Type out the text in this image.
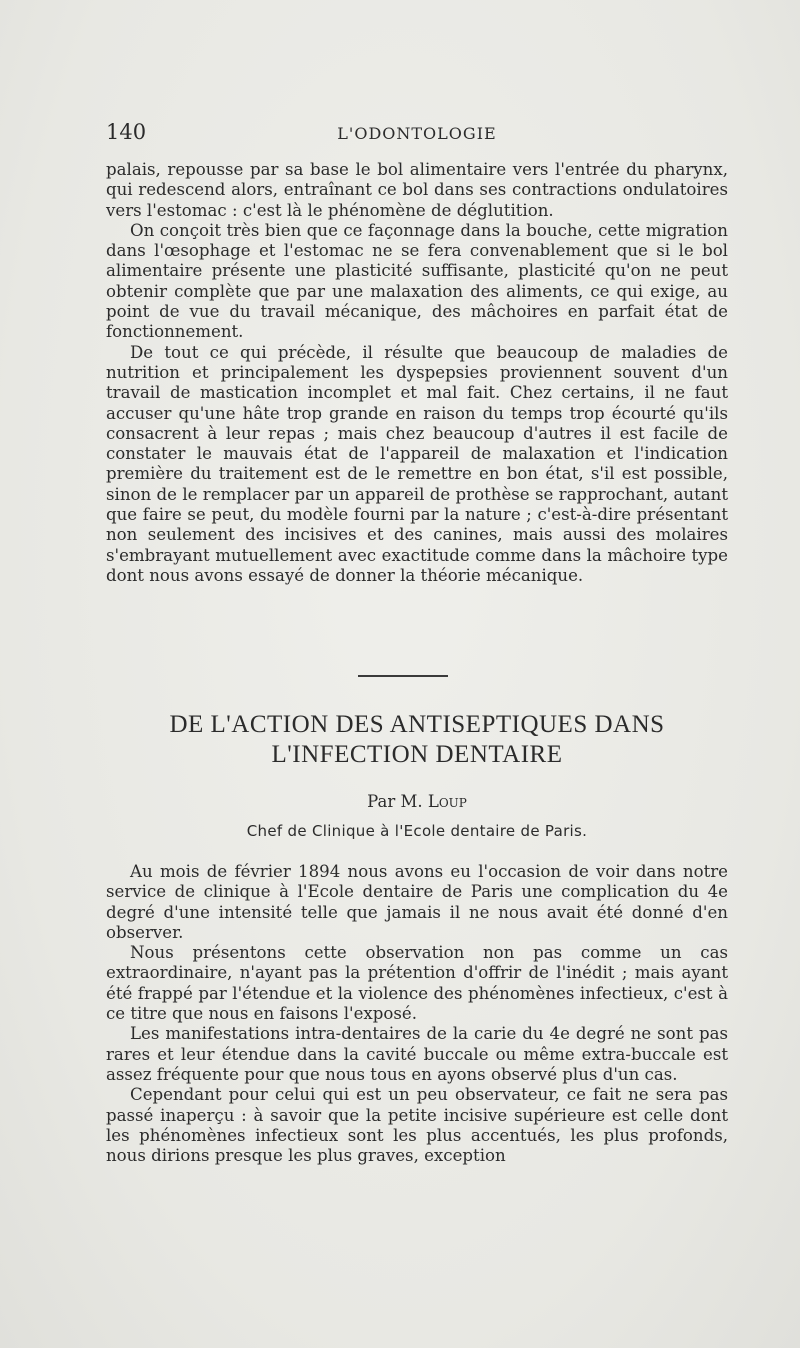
140	L'ODONTOLOGIE

palais, repousse par sa base le bol alimentaire vers l'entrée du pharynx, qui redescend alors, entraînant ce bol dans ses contractions ondulatoires vers l'estomac : c'est là le phénomène de déglutition.

On conçoit très bien que ce façonnage dans la bouche, cette migration dans l'œsophage et l'estomac ne se fera convenablement que si le bol alimentaire présente une plasticité suffisante, plasticité qu'on ne peut obtenir complète que par une malaxation des aliments, ce qui exige, au point de vue du travail mécanique, des mâchoires en parfait état de fonctionnement.

De tout ce qui précède, il résulte que beaucoup de maladies de nutrition et principalement les dyspepsies proviennent souvent d'un travail de mastication incomplet et mal fait. Chez certains, il ne faut accuser qu'une hâte trop grande en raison du temps trop écourté qu'ils consacrent à leur repas ; mais chez beaucoup d'autres il est facile de constater le mauvais état de l'appareil de malaxation et l'indication première du traitement est de le remettre en bon état, s'il est possible, sinon de le remplacer par un appareil de prothèse se rapprochant, autant que faire se peut, du modèle fourni par la nature ; c'est-à-dire présentant non seulement des incisives et des canines, mais aussi des molaires s'embrayant mutuellement avec exactitude comme dans la mâchoire type dont nous avons essayé de donner la théorie mécanique.

DE L'ACTION DES ANTISEPTIQUES DANS
L'INFECTION DENTAIRE
Par M. Loup
Chef de Clinique à l'Ecole dentaire de Paris.

Au mois de février 1894 nous avons eu l'occasion de voir dans notre service de clinique à l'Ecole dentaire de Paris une complication du 4e degré d'une intensité telle que jamais il ne nous avait été donné d'en observer.

Nous présentons cette observation non pas comme un cas extraordinaire, n'ayant pas la prétention d'offrir de l'inédit ; mais ayant été frappé par l'étendue et la violence des phénomènes infectieux, c'est à ce titre que nous en faisons l'exposé.

Les manifestations intra-dentaires de la carie du 4e degré ne sont pas rares et leur étendue dans la cavité buccale ou même extra-buccale est assez fréquente pour que nous tous en ayons observé plus d'un cas.

Cependant pour celui qui est un peu observateur, ce fait ne sera pas passé inaperçu : à savoir que la petite incisive supérieure est celle dont les phénomènes infectieux sont les plus accentués, les plus profonds, nous dirions presque les plus graves, exception
